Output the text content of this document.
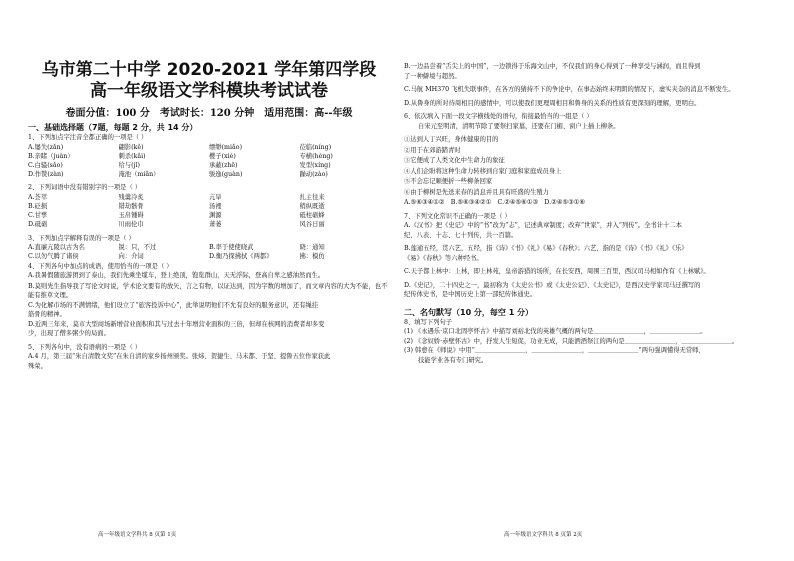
乌市第二十中学 2020-2021 学年第四学段
高一年级语文学科模块考试试卷
卷面分值：100 分　考试时长：120 分钟　适用范围：高--年级
一、基础选择题（7题，每题 2 分，共 14 分）
1、下列加点字注音全都正确的一项是（ ）
A.屡失(zǎn)	翩影(kě)	缥缈(miǎo)	莅临(níng)
B.亲睹（juàn）	刺杀(kǎi)	樱子(xiè)	专横(hèng)
C.白骚(sǎo)	给与(jǐ)	承蔽(zhē)	发型(xíng)
D.作赞(zàn)	淹池（miǎn）	骏逸(guàn)	躁动(zào)
2、下列词语中没有错别字的一项是（ ）
A.荟萃	残羹冷炙	亢旱	扎主往来
B.砭损	错劫骸骨	汤裡	稍纵既逝
C.甘孳	玉帛锺碍	渊源	砥柱砺蜂
D.砥砺	川雨伦巾	萧萎	风谷日丽
3、下列加点字解释有误的一项是（ ）
A.直廉亢陵以古为名	锐：只，不过	B.率于使使晓武	晓：通知
C.以勿气腾了诸侯	向：介词	D.衡乃探拂拭《两都》	拂：模仿
4、下列各句中加点的成语，使用恰当的一项是（ ）
A.我暑假随旅游团到了泰山，我们先乘坐缆车，登上绝顶，饱览群山，天无浮际，登高自卑之感油然而生。
B.莫则先生指导我了写论文时说，学术论文要有的放矢，言之有物，以证达到，因为字数的增加了，而文章内容的大为不能，也不
能有推草文理。
C.为化解市场的不满情绪，他们设立了“旅客投诉中心”，此举说明他们不允有良好的服务意识，还有绳挂
筋骨的精神。
D.近两三年来，莫市大型商场新增营业面积和其与过去十年增营业面积的三倍，但却在核网的消费者却多变
少，出现了僧多粥少的局面。
5、下列各句中，没有语病的一项是（ ）
A.4 月，第三届“朱自清散文奖”在朱自清的家乡扬州颁奖。张炜、贺捷生、马未都、于坚、提鲁五位作家获此
殊荣。
高一年级语文学科共 8 页第 1页
B.一边品尝着“舌尖上的中国”，一边锁得于乐海文山中，不仅我们的身心得到了一种享受与涵润，而且得到
了一种僻境与超然。
C.马航 MH370 飞机失联事件，在各方的猜持不下的争论中，在事态始终未明朗的情况下，虚实夹杂的消息不断发生。
D.从鲁身的所对待周相目的感情中，可以使我们更理周相目和鲁身的关系的性质有更深刻的理解，更明白。
6、依次填入下面一段文字横线处的语句，衔接最恰当的一组是（ ）
自宋元至明清，清明节除了要祭扫家墓，还要在门楣、窗户上插上柳条。
①达到人丁兴旺，身体健康的目的
②用于在郊游踏青时
③它便成了人类文化中生命力的象征
④人们企盼将这种生命力转移到自家门庭和家庭成员身上
⑤不会忘记顺便折一些柳条回家
⑥由于柳树是先送来春的消息并且具有旺盛的生殖力
A.⑤⑥③④①②　B.⑤⑥③④②①　C.②④⑤⑥①③　D.②④⑤③①⑥
7、下列文化常识不正确的一项是（ ）
A.《汉书》把《史记》中的“书”改为“志”，记述典章制度；改弃“世家”，并入“列传”。全书计十二本
纪、八表、十志、七十列传，共一百篇。
B.莲通五经，贯六艺，五经，指《诗》《书》《礼》《易》《春秋》；六艺，指的是《诗》《书》《礼》《乐》
《易》《春秋》等六种经书。
C.天子都上林中：上林，即上林苑，皇帝游猎的场所，在长安西，周围三百里，西汉司马相如作有《上林赋》。
D.《史记》，二十四史之一，最初称为《太史公书》或《太史公记》、《太史记》，是西汉史学家司马迁撰写的
纪传体史书，是中国历史上第一部纪传体通史。
二、名句默写（10 分，每空 1 分）
8、填写下列句子
(1) 《永遇乐·京口北固亭怀古》中描写刘裕北伐的英雄气概的两句是＿＿＿＿＿＿＿＿，＿＿＿＿＿＿＿＿。
(2) 《念奴娇·赤壁怀古》中，抒发人生短促，功业无成，只能洒酒祭江的两句是＿＿＿＿＿＿＿＿，＿＿＿＿＿＿＿＿。
(3) 韩愈在《师说》中用“＿＿＿＿＿＿＿＿，＿＿＿＿＿＿＿＿，＿＿＿＿＿＿＿＿”两句强调懂得无常师，
技能学业各有专门研究。
高一年级语文学科共 8 页第 2页
